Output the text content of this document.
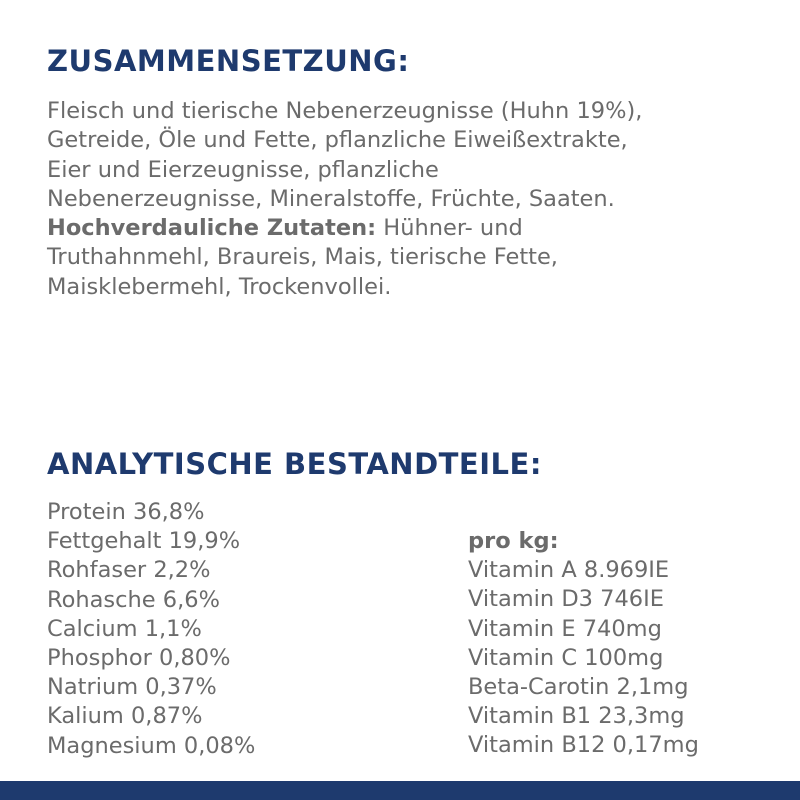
ZUSAMMENSETZUNG:
Fleisch und tierische Nebenerzeugnisse (Huhn 19%),
Getreide, Öle und Fette, pflanzliche Eiweißextrakte,
Eier und Eierzeugnisse, pflanzliche
Nebenerzeugnisse, Mineralstoffe, Früchte, Saaten.
Hochverdauliche Zutaten: Hühner- und
Truthahnmehl, Braureis, Mais, tierische Fette,
Maisklebermehl, Trockenvollei.
ANALYTISCHE BESTANDTEILE:
Protein 36,8%
Fettgehalt 19,9%
Rohfaser 2,2%
Rohasche 6,6%
Calcium 1,1%
Phosphor 0,80%
Natrium 0,37%
Kalium 0,87%
Magnesium 0,08%
pro kg:
Vitamin A 8.969IE
Vitamin D3 746IE
Vitamin E 740mg
Vitamin C 100mg
Beta-Carotin 2,1mg
Vitamin B1 23,3mg
Vitamin B12 0,17mg
